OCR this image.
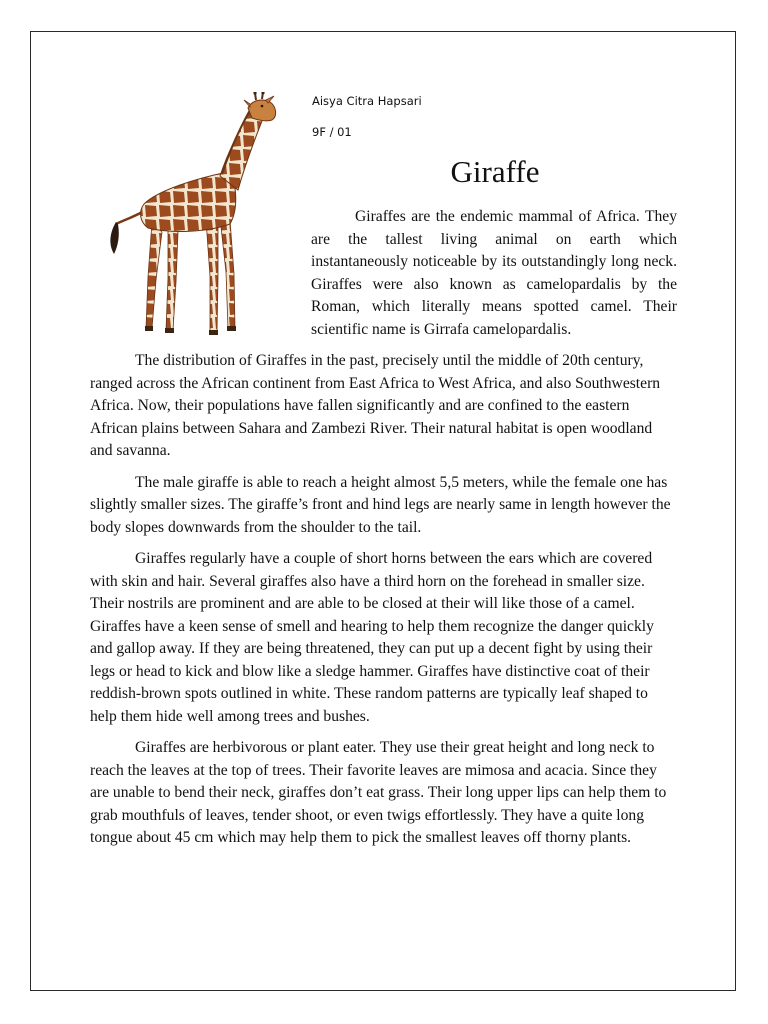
Aisya Citra Hapsari
9F / 01
Giraffe

Giraffes are the endemic mammal of Africa. They are the tallest living animal on earth which instantaneously noticeable by its outstandingly long neck. Giraffes were also known as camelopardalis by the Roman, which literally means spotted camel. Their scientific name is Girrafa camelopardalis.

The distribution of Giraffes in the past, precisely until the middle of 20th century, ranged across the African continent from East Africa to West Africa, and also Southwestern Africa. Now, their populations have fallen significantly and are confined to the eastern African plains between Sahara and Zambezi River. Their natural habitat is open woodland and savanna.

The male giraffe is able to reach a height almost 5,5 meters, while the female one has slightly smaller sizes. The giraffe’s front and hind legs are nearly same in length however the body slopes downwards from the shoulder to the tail.

Giraffes regularly have a couple of short horns between the ears which are covered with skin and hair. Several giraffes also have a third horn on the forehead in smaller size. Their nostrils are prominent and are able to be closed at their will like those of a camel. Giraffes have a keen sense of smell and hearing to help them recognize the danger quickly and gallop away. If they are being threatened, they can put up a decent fight by using their legs or head to kick and blow like a sledge hammer. Giraffes have distinctive coat of their reddish-brown spots outlined in white. These random patterns are typically leaf shaped to help them hide well among trees and bushes.

Giraffes are herbivorous or plant eater. They use their great height and long neck to reach the leaves at the top of trees. Their favorite leaves are mimosa and acacia. Since they are unable to bend their neck, giraffes don’t eat grass. Their long upper lips can help them to grab mouthfuls of leaves, tender shoot, or even twigs effortlessly. They have a quite long tongue about 45 cm which may help them to pick the smallest leaves off thorny plants.
